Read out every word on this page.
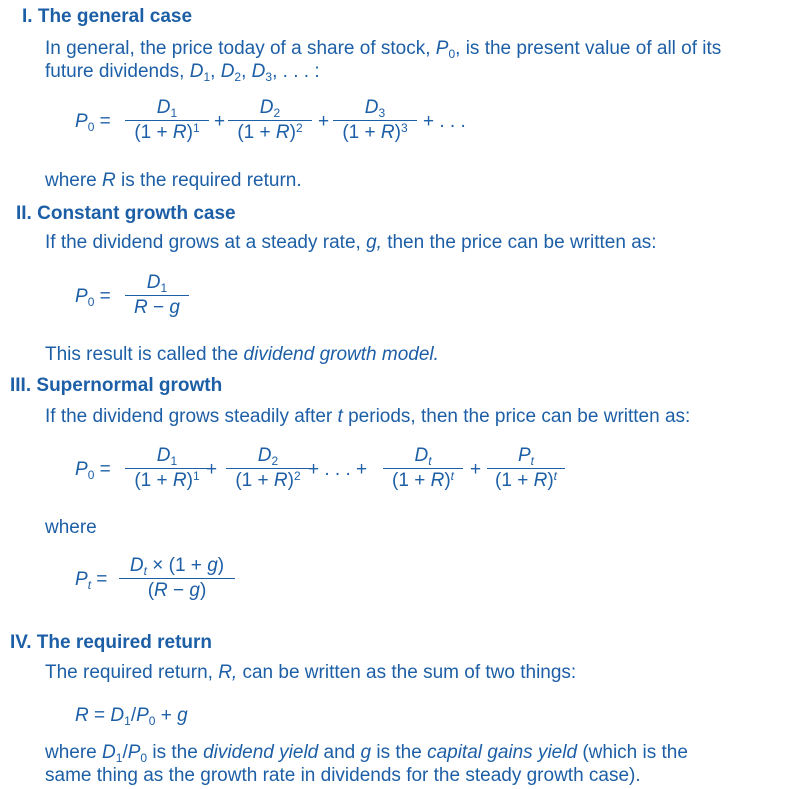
I. The general case
In general, the price today of a share of stock, $P_0$, is the present value of all of its
future dividends, $D_1$, $D_2$, $D_3$, . . . :
$P_0 = \frac{D_1}{(1 + R)^1} + \frac{D_2}{(1 + R)^2} + \frac{D_3}{(1 + R)^3}$ + . . .
where R is the required return.
II. Constant growth case
If the dividend grows at a steady rate, g, then the price can be written as:
$P_0 = \frac{D_1}{R - g}$
This result is called the dividend growth model.
III. Supernormal growth
If the dividend grows steadily after t periods, then the price can be written as:
$P_0 = \frac{D_1}{(1 + R)^1}$
+ $\frac{D_2}{(1 + R)^2}$
+ . . . + $\frac{D_t}{(1 + R)^t} + \frac{P_t}{(1 + R)^t}$
where
$P_t = \frac{D_t \times (1 + g)}{(R - g)}$
IV. The required return
The required return, R, can be written as the sum of two things:
$R = D_1/P_0 + g$
where $D_1/P_0$ is the dividend yield and g is the capital gains yield (which is the
same thing as the growth rate in dividends for the steady growth case).
